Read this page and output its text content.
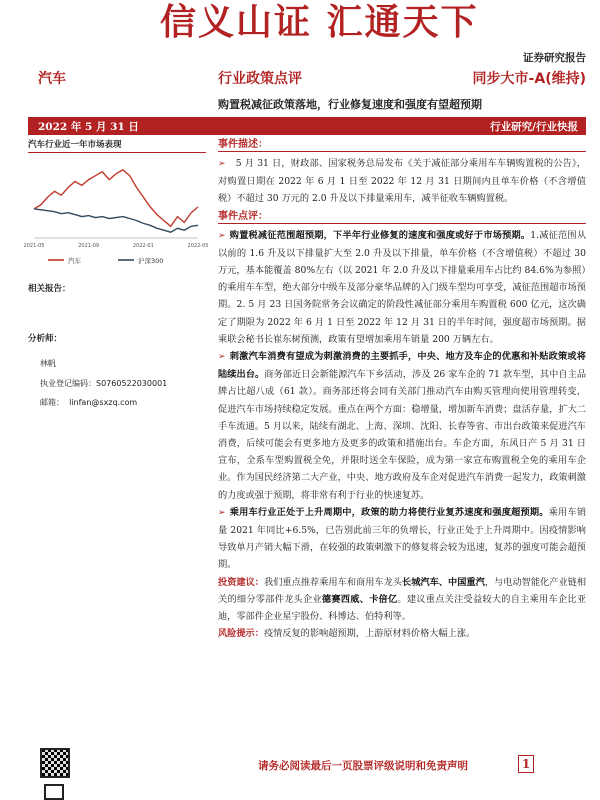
信义山证 汇通天下
证券研究报告
汽车	行业政策点评	同步大市-A(维持)
购置税减征政策落地，行业修复速度和强度有望超预期
2022 年 5 月 31 日	行业研究/行业快报
汽车行业近一年市场表现
2021-05	2021-09	2022-01	2022-05
汽车	沪深300
相关报告：
分析师：
林帆
执业登记编码：S0760522030001
邮箱： linfan@sxzq.com
事件描述：
➢ 5 月 31 日，财政部、国家税务总局发布《关于减征部分乘用车车辆购置税的公告》，对购置日期在 2022 年 6 月 1 日至 2022 年 12 月 31 日期间内且单车价格（不含增值税）不超过 30 万元的 2.0 升及以下排量乘用车，减半征收车辆购置税。
事件点评：
➢ 购置税减征范围超预期，下半年行业修复的速度和强度或好于市场预期。1.减征范围从以前的 1.6 升及以下排量扩大至 2.0 升及以下排量，单车价格（不含增值税）不超过 30 万元，基本能覆盖 80%左右（以 2021 年 2.0 升及以下排量乘用车占比约 84.6%为参照）的乘用车车型，绝大部分中级车及部分豪华品牌的入门级车型均可享受，减征范围超市场预期。2. 5 月 23 日国务院常务会议确定的阶段性减征部分乘用车购置税 600 亿元，这次确定了期限为 2022 年 6 月 1 日至 2022 年 12 月 31 日的半年时间，强度超市场预期。据乘联会秘书长崔东树预测，政策有望增加乘用车销量 200 万辆左右。
➢ 刺激汽车消费有望成为刺激消费的主要抓手，中央、地方及车企的优惠和补贴政策或将陆续出台。商务部近日会新能源汽车下乡活动，涉及 26 家车企的 71 款车型，其中自主品牌占比超八成（61 款）。商务部还将会同有关部门推动汽车由购买管理向使用管理转变，促进汽车市场持续稳定发展。重点在两个方面：稳增量，增加新车消费；盘活存量，扩大二手车流通。5 月以来，陆续有湖北、上海、深圳、沈阳、长春等省、市出台政策来促进汽车消费，后续可能会有更多地方及更多的政策和措施出台。车企方面，东风日产 5 月 31 日宣布，全系车型购置税全免，并限时送全车保险，成为第一家宣布购置税全免的乘用车企业。作为国民经济第二大产业，中央、地方政府及车企对促进汽车消费一起发力，政策刺激的力度或强于预期，将非常有利于行业的快速复苏。
➢ 乘用车行业正处于上升周期中，政策的助力将使行业复苏速度和强度超预期。乘用车销量 2021 年同比+6.5%，已告别此前三年的负增长，行业正处于上升周期中。因疫情影响导致单月产销大幅下滑，在较强的政策刺激下的修复将会较为迅速，复苏的强度可能会超预期。
投资建议：我们重点推荐乘用车和商用车龙头长城汽车、中国重汽，与电动智能化产业链相关的细分零部件龙头企业德赛西威、卡倍亿。建议重点关注受益较大的自主乘用车企比亚迪，零部件企业星宇股份、科博达、伯特利等。
风险提示：疫情反复的影响超预期，上游原材料价格大幅上涨。
请务必阅读最后一页股票评级说明和免责声明	1
